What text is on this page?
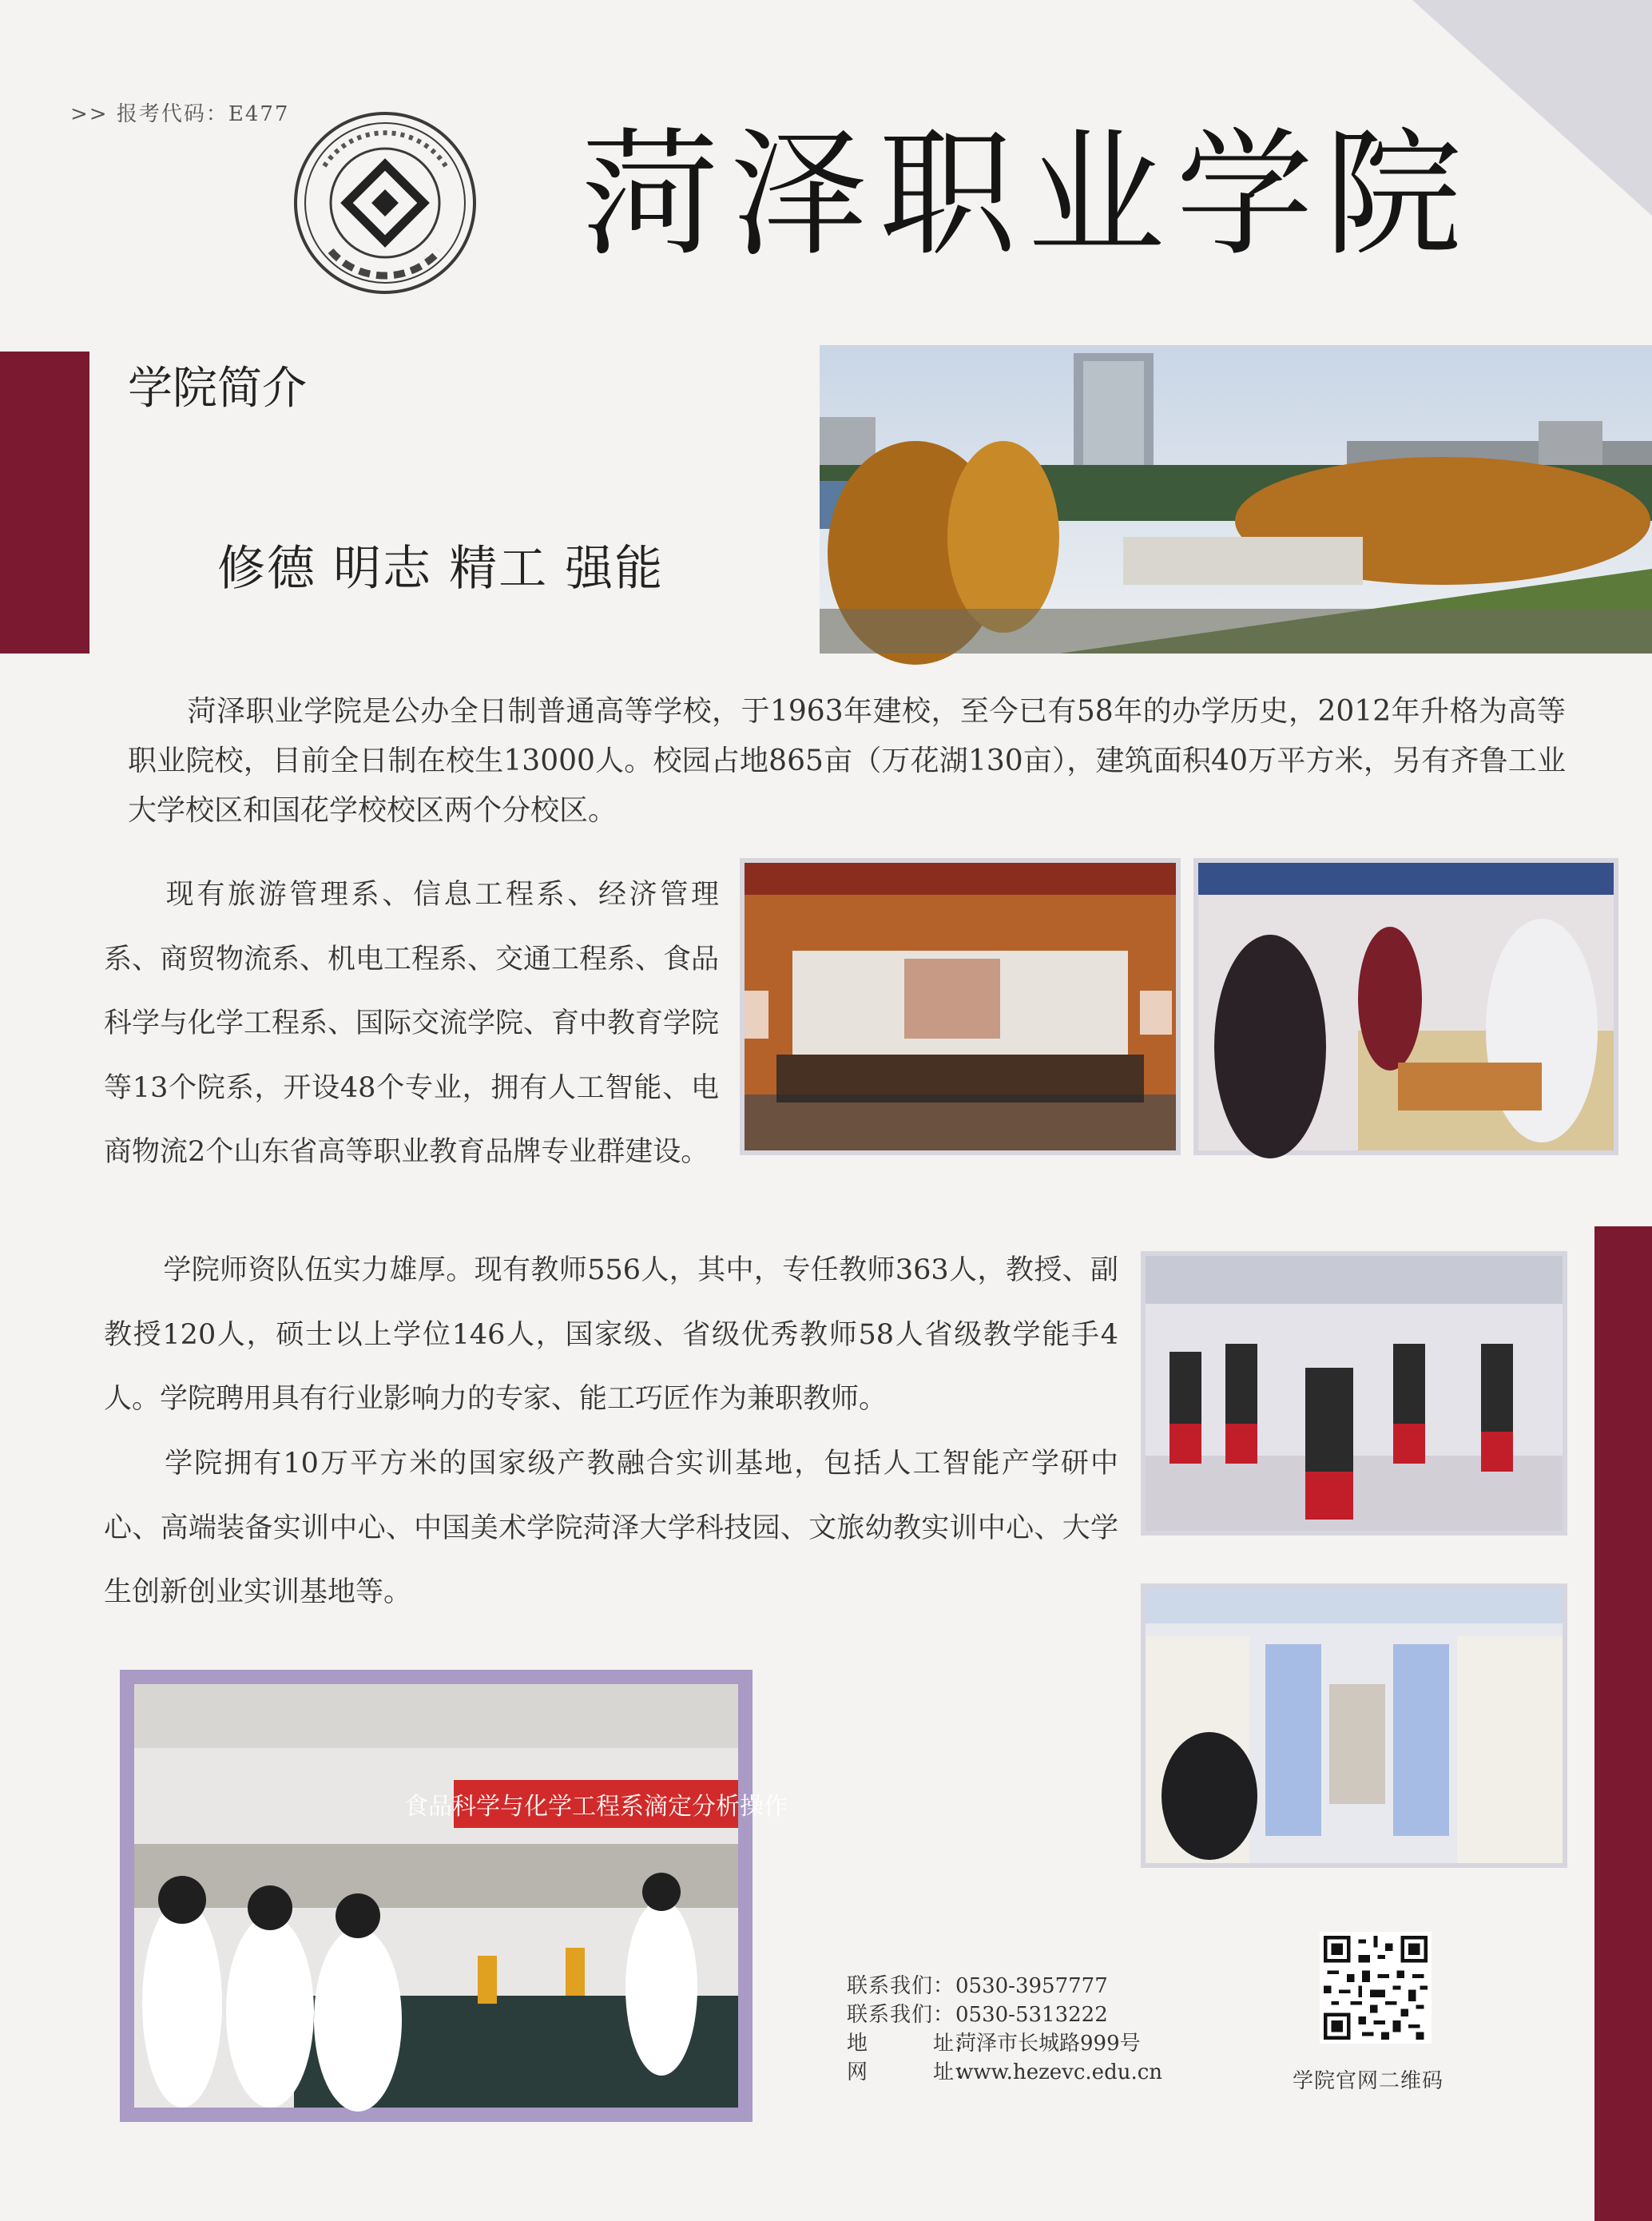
>> 报考代码：E477 菏泽职业学院
学院简介
修德 明志 精工 强能
菏泽职业学院是公办全日制普通高等学校，于1963年建校，至今已有58年的办学历史，2012年升格为高等职业院校，目前全日制在校生13000人。校园占地865亩（万花湖130亩），建筑面积40万平方米，另有齐鲁工业大学校区和国花学校校区两个分校区。
现有旅游管理系、信息工程系、经济管理系、商贸物流系、机电工程系、交通工程系、食品科学与化学工程系、国际交流学院、育中教育学院等13个院系，开设48个专业，拥有人工智能、电商物流2个山东省高等职业教育品牌专业群建设。
学院师资队伍实力雄厚。现有教师556人，其中，专任教师363人，教授、副教授120人，硕士以上学位146人，国家级、省级优秀教师58人省级教学能手4人。学院聘用具有行业影响力的专家、能工巧匠作为兼职教师。
学院拥有10万平方米的国家级产教融合实训基地，包括人工智能产学研中心、高端装备实训中心、中国美术学院菏泽大学科技园、文旅幼教实训中心、大学生创新创业实训基地等。
食品科学与化学工程系滴定分析操作
联系我们：0530-3957777
联系我们：0530-5313222
地　　　址：菏泽市长城路999号
网　　　址：www.hezevc.edu.cn	学院官网二维码
